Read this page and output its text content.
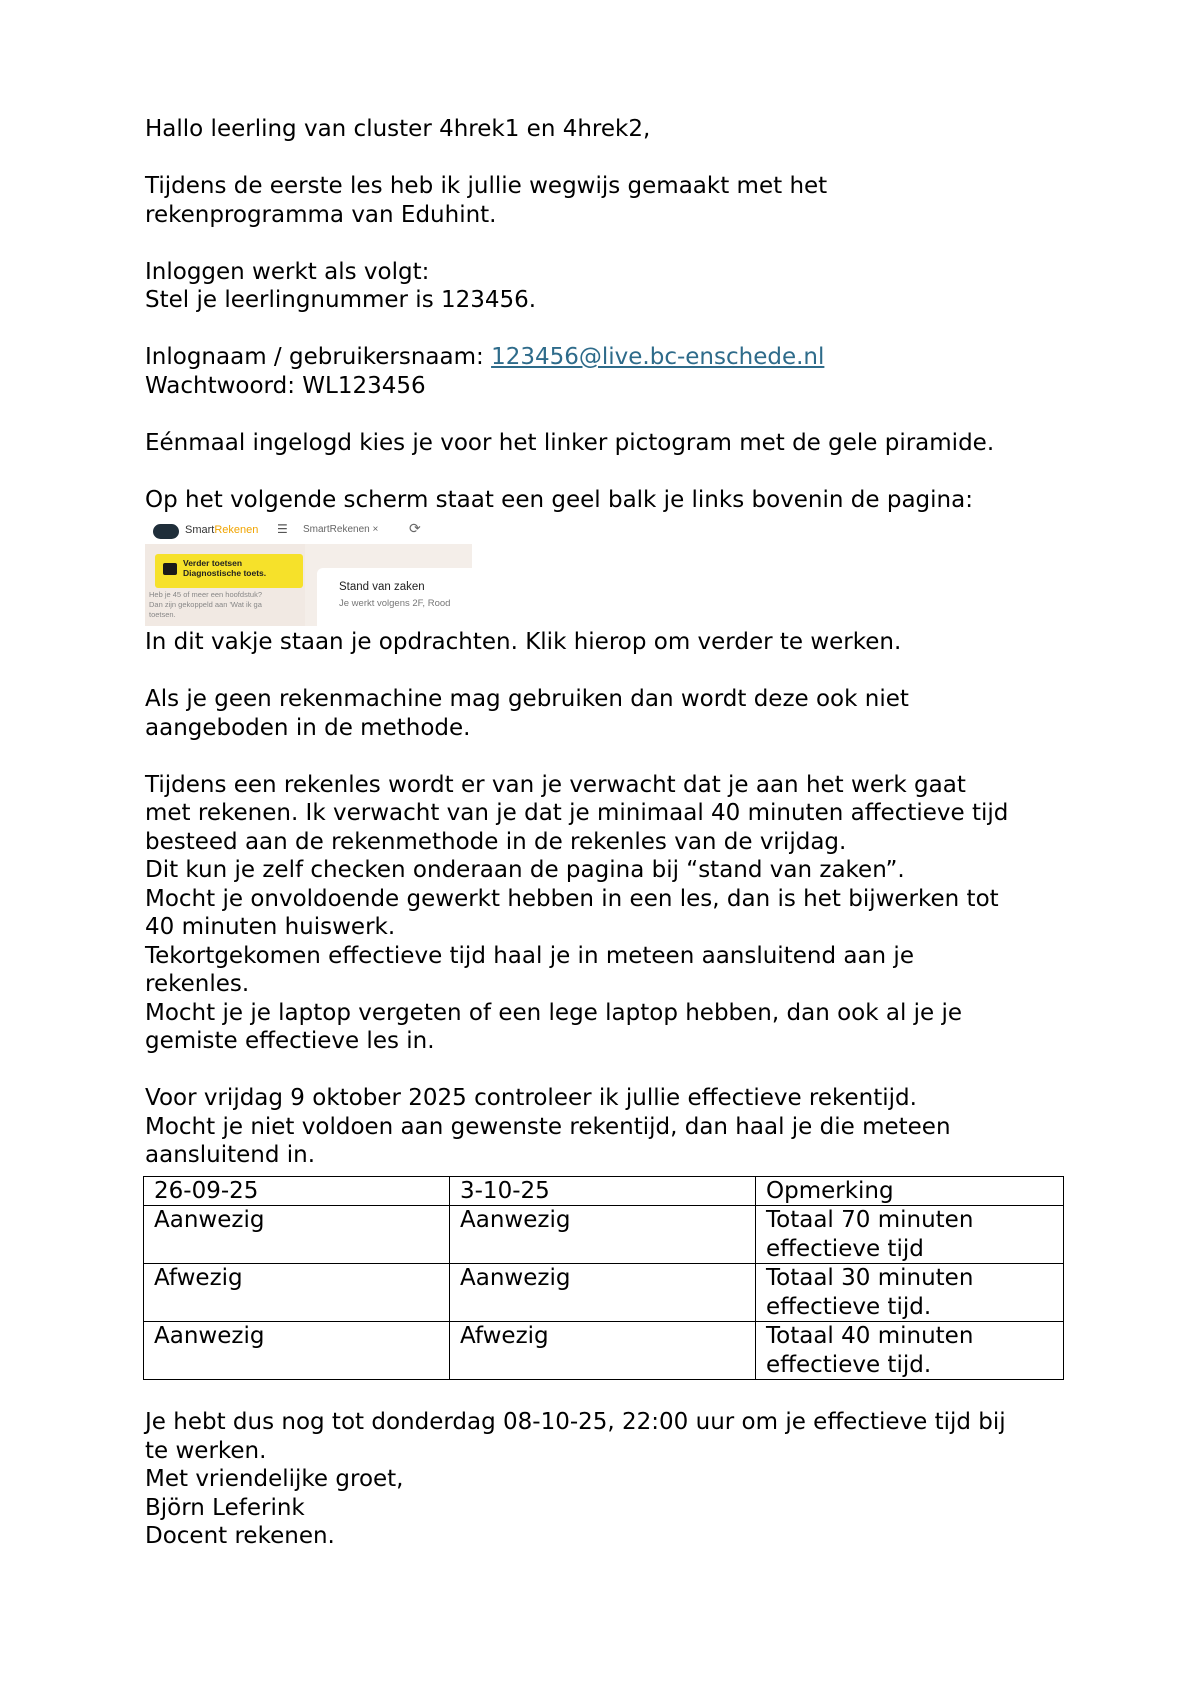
Hallo leerling van cluster 4hrek1 en 4hrek2,

Tijdens de eerste les heb ik jullie wegwijs gemaakt met het
rekenprogramma van Eduhint.

Inloggen werkt als volgt:
Stel je leerlingnummer is 123456.

Inlognaam / gebruikersnaam: 123456@live.bc-enschede.nl
Wachtwoord: WL123456

Eénmaal ingelogd kies je voor het linker pictogram met de gele piramide.

Op het volgende scherm staat een geel balk je links bovenin de pagina:

SmartRekenen ☰ SmartRekenen × ⟳
Verder toetsen
Diagnostische toets.
Heb je 45 of meer een hoofdstuk?
Dan zijn gekoppeld aan 'Wat ik ga
toetsen.
Stand van zaken
Je werkt volgens 2F, Rood

In dit vakje staan je opdrachten. Klik hierop om verder te werken.

Als je geen rekenmachine mag gebruiken dan wordt deze ook niet
aangeboden in de methode.

Tijdens een rekenles wordt er van je verwacht dat je aan het werk gaat
met rekenen. Ik verwacht van je dat je minimaal 40 minuten affectieve tijd
besteed aan de rekenmethode in de rekenles van de vrijdag.
Dit kun je zelf checken onderaan de pagina bij “stand van zaken”.
Mocht je onvoldoende gewerkt hebben in een les, dan is het bijwerken tot
40 minuten huiswerk.
Tekortgekomen effectieve tijd haal je in meteen aansluitend aan je
rekenles.
Mocht je je laptop vergeten of een lege laptop hebben, dan ook al je je
gemiste effectieve les in.

Voor vrijdag 9 oktober 2025 controleer ik jullie effectieve rekentijd.
Mocht je niet voldoen aan gewenste rekentijd, dan haal je die meteen
aansluitend in.

26-09-25	3-10-25	Opmerking
Aanwezig	Aanwezig	Totaal 70 minuten
effectieve tijd

Afwezig	Aanwezig	Totaal 30 minuten
effectieve tijd.

Aanwezig	Afwezig	Totaal 40 minuten
effectieve tijd.

Je hebt dus nog tot donderdag 08-10-25, 22:00 uur om je effectieve tijd bij
te werken.
Met vriendelijke groet,
Björn Leferink
Docent rekenen.
